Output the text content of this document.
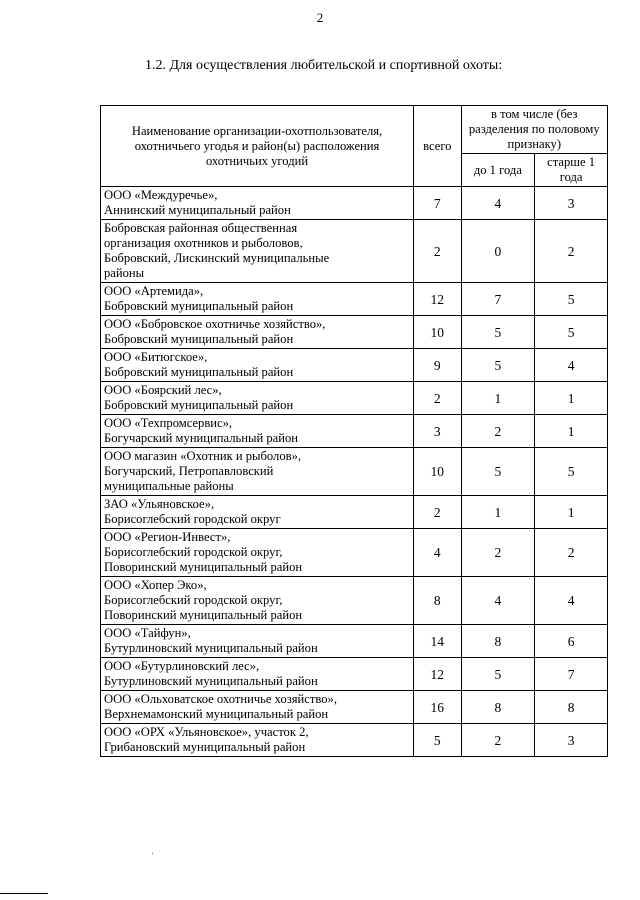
2
1.2. Для осуществления любительской и спортивной охоты:
Наименование организации-охотпользователя, охотничьего угодья и район(ы) расположения охотничьих угодий	всего	в том числе (без разделения по половому признаку)	
		до 1 года	старше 1 года

ООО «Междуречье»,
Аннинский муниципальный район	7	4	3

Бобровская районная общественная
организация охотников и рыболовов,
Бобровский, Лискинский муниципальные
районы	2	0	2

ООО «Артемида»,
Бобровский муниципальный район	12	7	5

ООО «Бобровское охотничье хозяйство»,
Бобровский муниципальный район	10	5	5

ООО «Битюгское»,
Бобровский муниципальный район	9	5	4

ООО «Боярский лес»,
Бобровский муниципальный район	2	1	1

ООО «Техпромсервис»,
Богучарский муниципальный район	3	2	1

ООО магазин «Охотник и рыболов»,
Богучарский, Петропавловский
муниципальные районы	10	5	5

ЗАО «Ульяновское»,
Борисоглебский городской округ	2	1	1

ООО «Регион-Инвест»,
Борисоглебский городской округ,
Поворинский муниципальный район	4	2	2

ООО «Хопер Эко»,
Борисоглебский городской округ,
Поворинский муниципальный район	8	4	4

ООО «Тайфун»,
Бутурлиновский муниципальный район	14	8	6

ООО «Бутурлиновский лес»,
Бутурлиновский муниципальный район	12	5	7

ООО «Ольховатское охотничье хозяйство»,
Верхнемамонский муниципальный район	16	8	8

ООО «ОРХ «Ульяновское», участок 2,
Грибановский муниципальный район	5	2	3
'
